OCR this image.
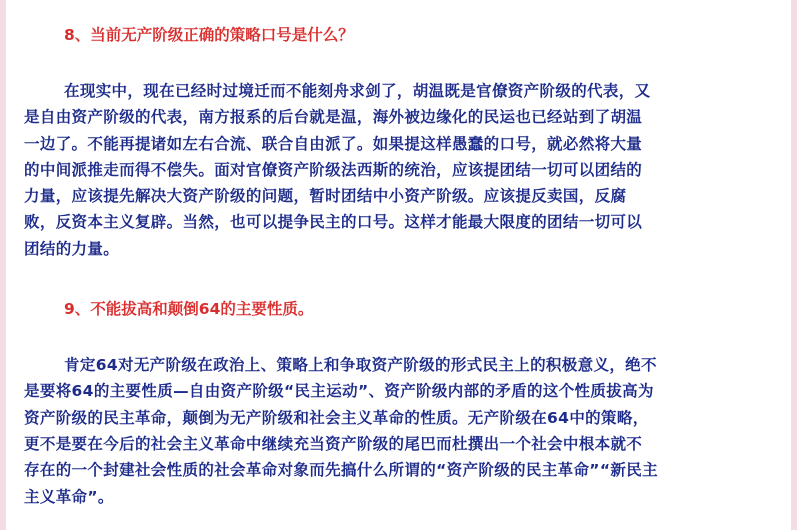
8、当前无产阶级正确的策略口号是什么？

在现实中，现在已经时过境迁而不能刻舟求剑了，胡温既是官僚资产阶级的代表，又
是自由资产阶级的代表，南方报系的后台就是温，海外被边缘化的民运也已经站到了胡温
一边了。不能再提诸如左右合流、联合自由派了。如果提这样愚蠢的口号，就必然将大量
的中间派推走而得不偿失。面对官僚资产阶级法西斯的统治，应该提团结一切可以团结的
力量，应该提先解决大资产阶级的问题，暂时团结中小资产阶级。应该提反卖国，反腐
败，反资本主义复辟。当然，也可以提争民主的口号。这样才能最大限度的团结一切可以
团结的力量。

9、不能拔高和颠倒64的主要性质。

肯定64对无产阶级在政治上、策略上和争取资产阶级的形式民主上的积极意义，绝不
是要将64的主要性质—自由资产阶级“民主运动”、资产阶级内部的矛盾的这个性质拔高为
资产阶级的民主革命，颠倒为无产阶级和社会主义革命的性质。无产阶级在64中的策略，
更不是要在今后的社会主义革命中继续充当资产阶级的尾巴而杜撰出一个社会中根本就不
存在的一个封建社会性质的社会革命对象而先搞什么所谓的“资产阶级的民主革命”“新民主
主义革命”。
